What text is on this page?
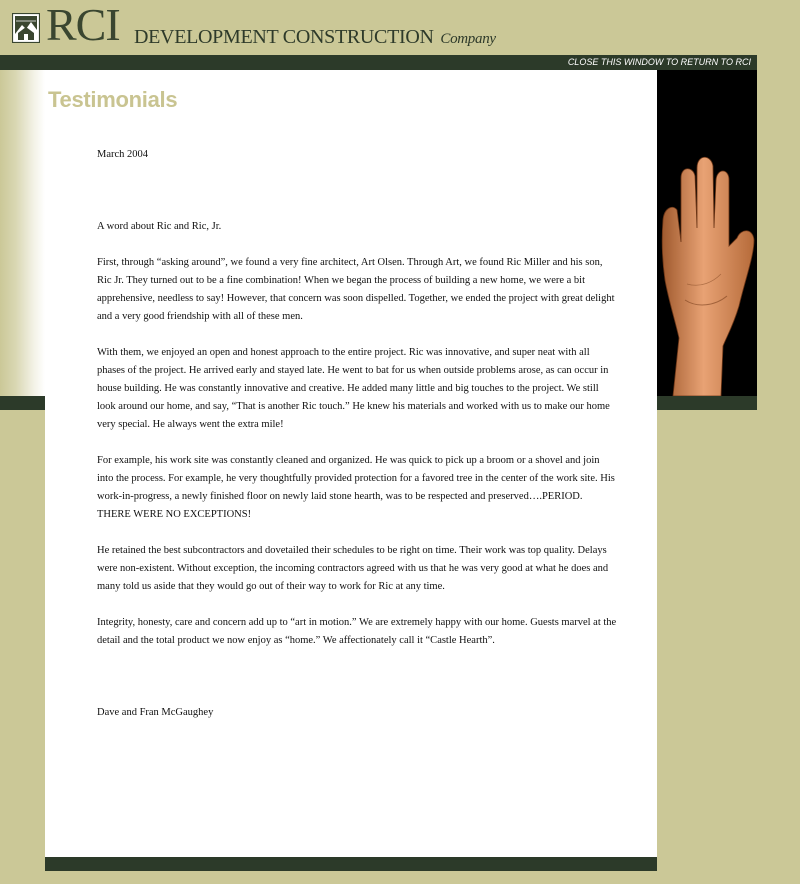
RCI DEVELOPMENT CONSTRUCTION Company
CLOSE THIS WINDOW TO RETURN TO RCI
Testimonials

March 2004

A word about Ric and Ric, Jr.

First, through “asking around”, we found a very fine architect, Art Olsen. Through Art, we found Ric Miller and his son, Ric Jr. They turned out to be a fine combination! When we began the process of building a new home, we were a bit apprehensive, needless to say! However, that concern was soon dispelled. Together, we ended the project with great delight and a very good friendship with all of these men.

With them, we enjoyed an open and honest approach to the entire project. Ric was innovative, and super neat with all phases of the project. He arrived early and stayed late. He went to bat for us when outside problems arose, as can occur in house building. He was constantly innovative and creative. He added many little and big touches to the project. We still look around our home, and say, “That is another Ric touch.” He knew his materials and worked with us to make our home very special. He always went the extra mile!

For example, his work site was constantly cleaned and organized. He was quick to pick up a broom or a shovel and join into the process. For example, he very thoughtfully provided protection for a favored tree in the center of the work site. His work-in-progress, a newly finished floor on newly laid stone hearth, was to be respected and preserved….PERIOD. THERE WERE NO EXCEPTIONS!

He retained the best subcontractors and dovetailed their schedules to be right on time. Their work was top quality. Delays were non-existent. Without exception, the incoming contractors agreed with us that he was very good at what he does and many told us aside that they would go out of their way to work for Ric at any time.

Integrity, honesty, care and concern add up to “art in motion.” We are extremely happy with our home. Guests marvel at the detail and the total product we now enjoy as “home.” We affectionately call it “Castle Hearth”.

Dave and Fran McGaughey
